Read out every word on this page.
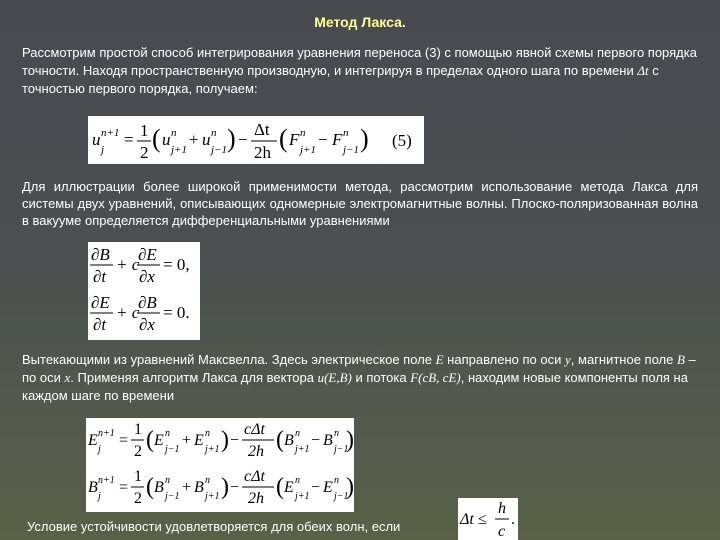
Метод Лакса.
Рассмотрим простой способ интегрирования уравнения переноса (3) с помощью явной схемы первого порядка точности. Находя пространственную производную, и интегрируя в пределах одного шага по времени Δt с точностью первого порядка, получаем:
u n+1
j
= 1
2 ( u n
j+1
+ u n
j−1 ) −
Δt
2h ( F n
j+1
− F n
j−1 ) (5)
Для иллюстрации более широкой применимости метода, рассмотрим использование метода Лакса для системы двух уравнений, описывающих одномерные электромагнитные волны. Плоско-поляризованная волна в вакууме определяется дифференциальными уравнениями
∂B
∂t
+ c
∂E
∂x
= 0,
∂E
∂t
+ c
∂B
∂x
= 0.
Вытекающими из уравнений Максвелла. Здесь электрическое поле E направлено по оси y, магнитное поле B – по оси x. Применяя алгоритм Лакса для вектора u(E,B) и потока F(cB, cE), находим новые компоненты поля на каждом шаге по времени
E n+1
j
=
1
2 ( E n
j−1
+ E n
j+1 ) −
cΔt
2h ( B n
j+1
− B n
j−1
)
B n+1
j
=
1
2 ( B n
j−1
+ B n
j+1 ) −
cΔt
2h ( E n
j+1
− E n
j−1
)
Условие устойчивости удовлетворяется для обеих волн, если	Δt ≤
h
c
.
